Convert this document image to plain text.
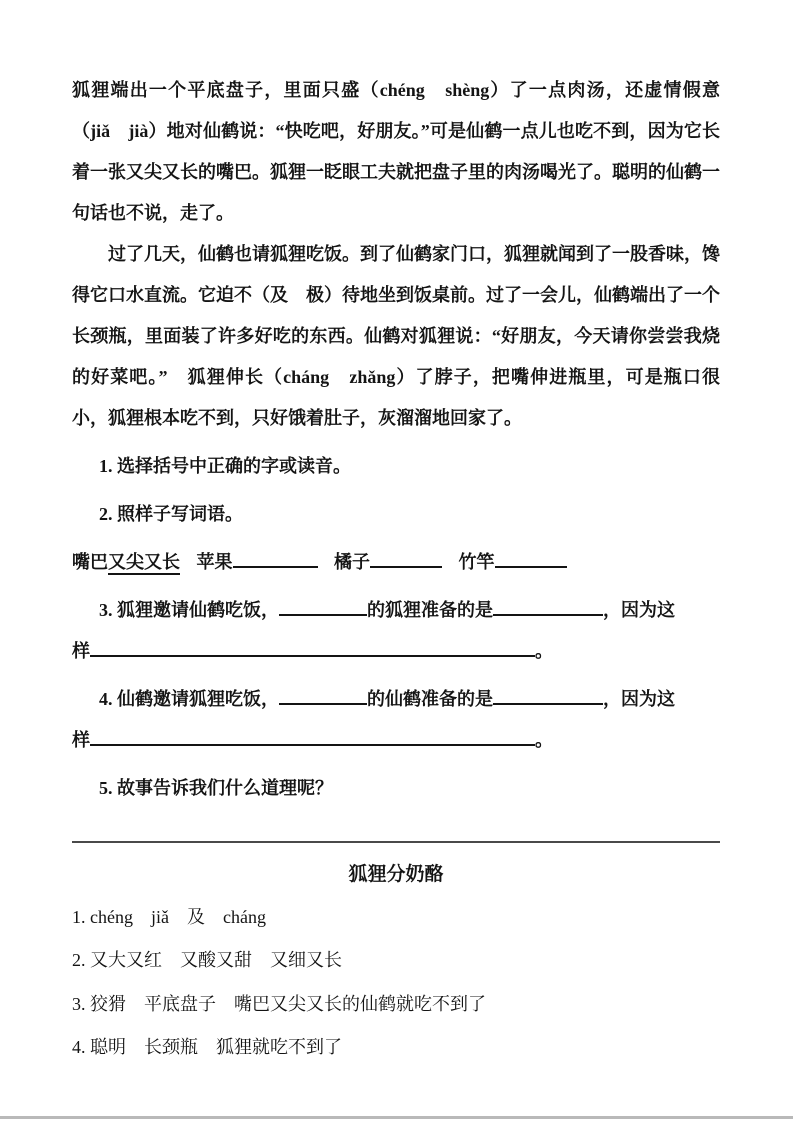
狐狸端出一个平底盘子，里面只盛（chéng　shèng）了一点肉汤，还虚情假意（jiǎ　jià）地对仙鹤说：“快吃吧，好朋友。”可是仙鹤一点儿也吃不到，因为它长着一张又尖又长的嘴巴。狐狸一眨眼工夫就把盘子里的肉汤喝光了。聪明的仙鹤一句话也不说，走了。

过了几天，仙鹤也请狐狸吃饭。到了仙鹤家门口，狐狸就闻到了一股香味，馋得它口水直流。它迫不（及　极）待地坐到饭桌前。过了一会儿，仙鹤端出了一个长颈瓶，里面装了许多好吃的东西。仙鹤对狐狸说：“好朋友，今天请你尝尝我烧的好菜吧。”　狐狸伸长（cháng　zhǎng）了脖子，把嘴伸进瓶里，可是瓶口很小，狐狸根本吃不到，只好饿着肚子，灰溜溜地回家了。

1. 选择括号中正确的字或读音。

2. 照样子写词语。

嘴巴又尖又长 苹果	橘子	竹竿

3. 狐狸邀请仙鹤吃饭，	的狐狸准备的是	，因为这
样	。

4. 仙鹤邀请狐狸吃饭，	的仙鹤准备的是	，因为这
样	。

5. 故事告诉我们什么道理呢？

狐狸分奶酪

1. chéng　jiǎ　及　cháng

2. 又大又红　又酸又甜　又细又长

3. 狡猾　平底盘子　嘴巴又尖又长的仙鹤就吃不到了

4. 聪明　长颈瓶　狐狸就吃不到了
